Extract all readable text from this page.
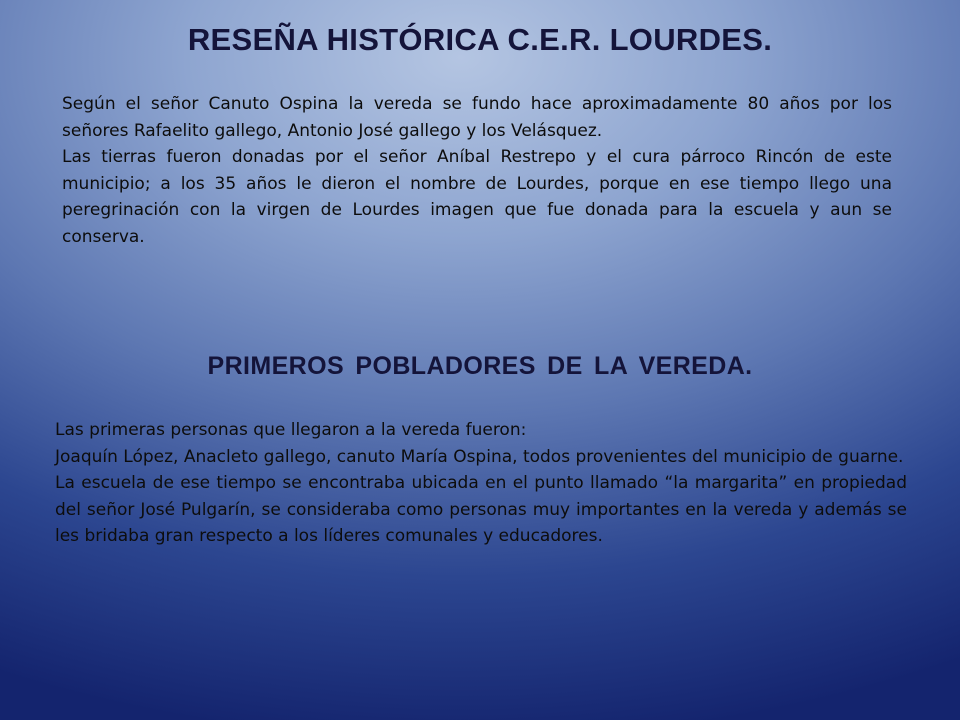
RESEÑA HISTÓRICA C.E.R. LOURDES.

Según el señor Canuto Ospina la vereda se fundo hace aproximadamente 80 años por los señores Rafaelito gallego, Antonio José gallego y los Velásquez.

Las tierras fueron donadas por el señor Aníbal Restrepo y el cura párroco Rincón de este municipio; a los 35 años le dieron el nombre de Lourdes, porque en ese tiempo llego una peregrinación con la virgen de Lourdes imagen que fue donada para la escuela y aun se conserva.

PRIMEROS POBLADORES DE LA VEREDA.

Las primeras personas que llegaron a la vereda fueron:

Joaquín López, Anacleto gallego, canuto María Ospina, todos provenientes del municipio de guarne.

La escuela de ese tiempo se encontraba ubicada en el punto llamado “la margarita” en propiedad del señor José Pulgarín, se consideraba como personas muy importantes en la vereda y además se les bridaba gran respecto a los líderes comunales y educadores.
